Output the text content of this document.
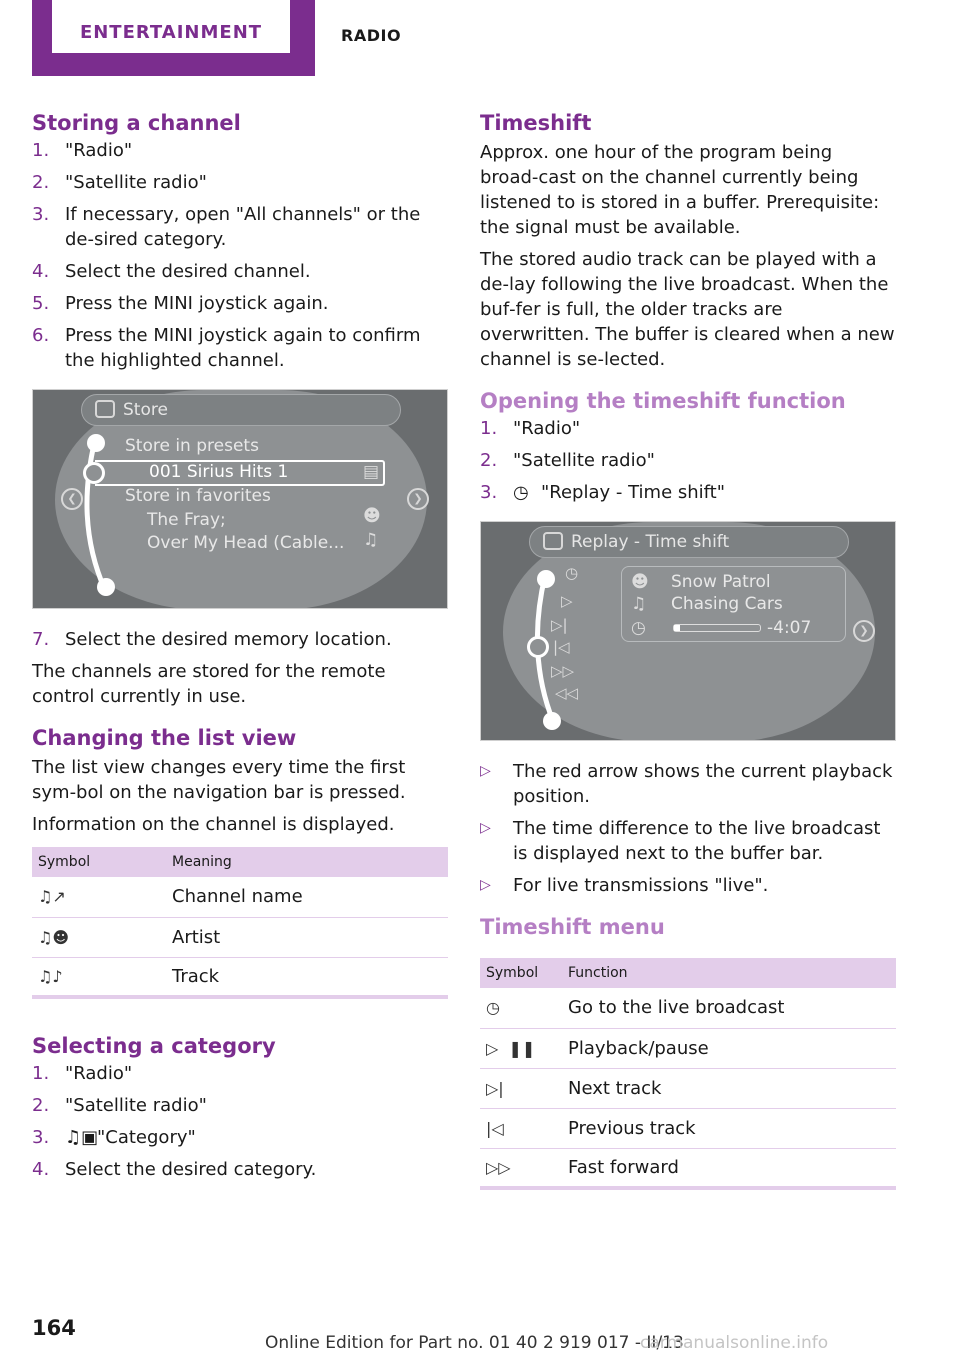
ENTERTAINMENT	RADIO
Storing a channel
1. "Radio"
2. "Satellite radio"
3. If necessary, open "All channels" or the de‐sired category.
4. Select the desired channel.
5. Press the MINI joystick again.
6. Press the MINI joystick again to confirm the highlighted channel.
Store
❮	❯
Store in presets
001 Sirius Hits 1
Store in favorites
The Fray;
Over My Head (Cable...
▤
☻
♫
7. Select the desired memory location.

The channels are stored for the remote control currently in use.

Changing the list view

The list view changes every time the first sym‐bol on the navigation bar is pressed.

Information on the channel is displayed.

Symbol	Meaning
♫↗	Channel name
♫☻	Artist
♫♪	Track
Selecting a category
1. "Radio"
2. "Satellite radio"
3. ♫▣"Category"
4. Select the desired category.
Timeshift

Approx. one hour of the program being broad‐cast on the channel currently being listened to is stored in a buffer. Prerequisite: the signal must be available.

The stored audio track can be played with a de‐lay following the live broadcast. When the buf‐fer is full, the older tracks are overwritten. The buffer is cleared when a new channel is se‐lected.

Opening the timeshift function
1. "Radio"
2. "Satellite radio"
3. ◷ "Replay - Time shift"
Replay - Time shift
◷
▷
▷|
|◁
▷▷
◁◁
☻
♫
◷
Snow Patrol
Chasing Cars
-4:07	❯
▷ The red arrow shows the current playback position.
▷ The time difference to the live broadcast is displayed next to the buffer bar.
▷ For live transmissions "live".
Timeshift menu
Symbol	Function
◷	Go to the live broadcast
▷  ❚❚	Playback/pause
▷|	Next track
|◁	Previous track
▷▷	Fast forward
164
Online Edition for Part no. 01 40 2 919 017 - II/13
carmanualsonline.info
